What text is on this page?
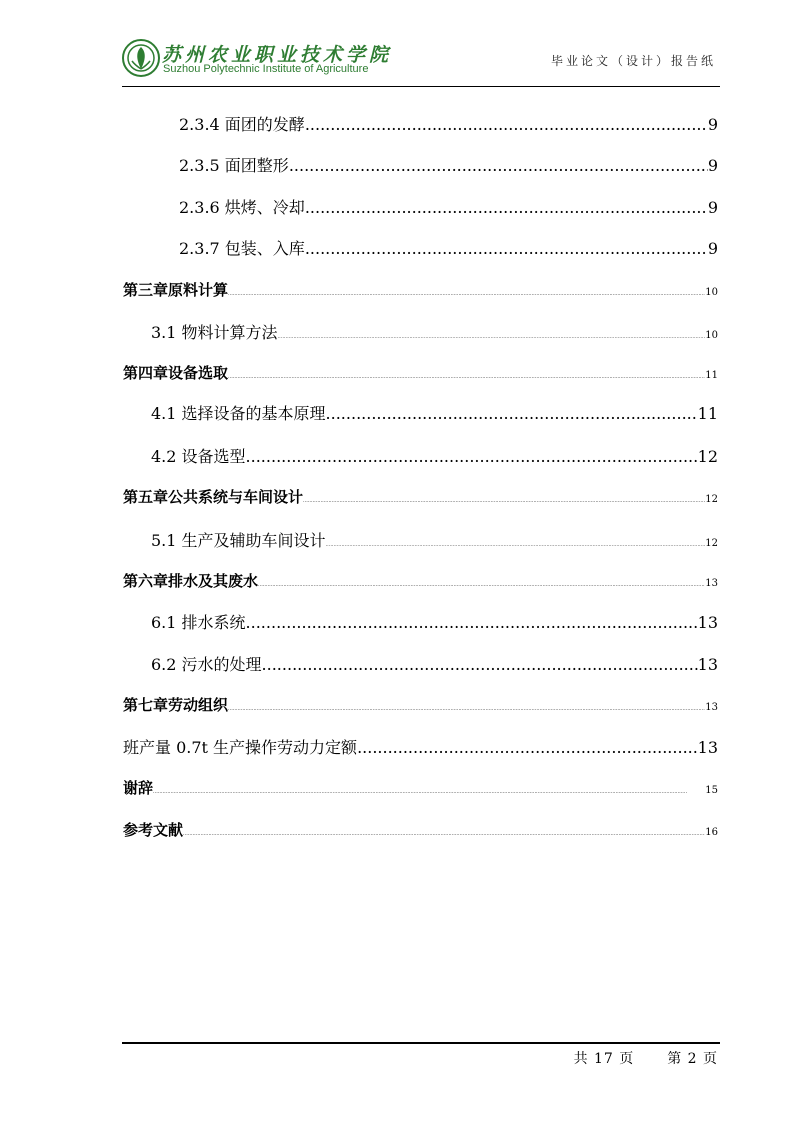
苏州农业职业技术学院
Suzhou Polytechnic Institute of Agriculture
毕业论文（设计）报告纸
2.3.4 面团的发酵 .....	9
2.3.5 面团整形 .....	9
2.3.6 烘烤、冷却 .....	9
2.3.7 包装、入库 .....	9
第三章原料计算 .....	10
3.1 物料计算方法 .....	10
第四章设备选取 .....	11
4.1 选择设备的基本原理 .....	11
4.2 设备选型 .....	12
第五章公共系统与车间设计 .....	12
5.1 生产及辅助车间设计 .....	12
第六章排水及其废水 .....	13
6.1 排水系统 .....	13
6.2 污水的处理 .....	13
第七章劳动组织 .....	13
班产量 0.7t 生产操作劳动力定额 .....	13
谢辞 .....	15
参考文献 .....	16
共 17 页 第 2 页
